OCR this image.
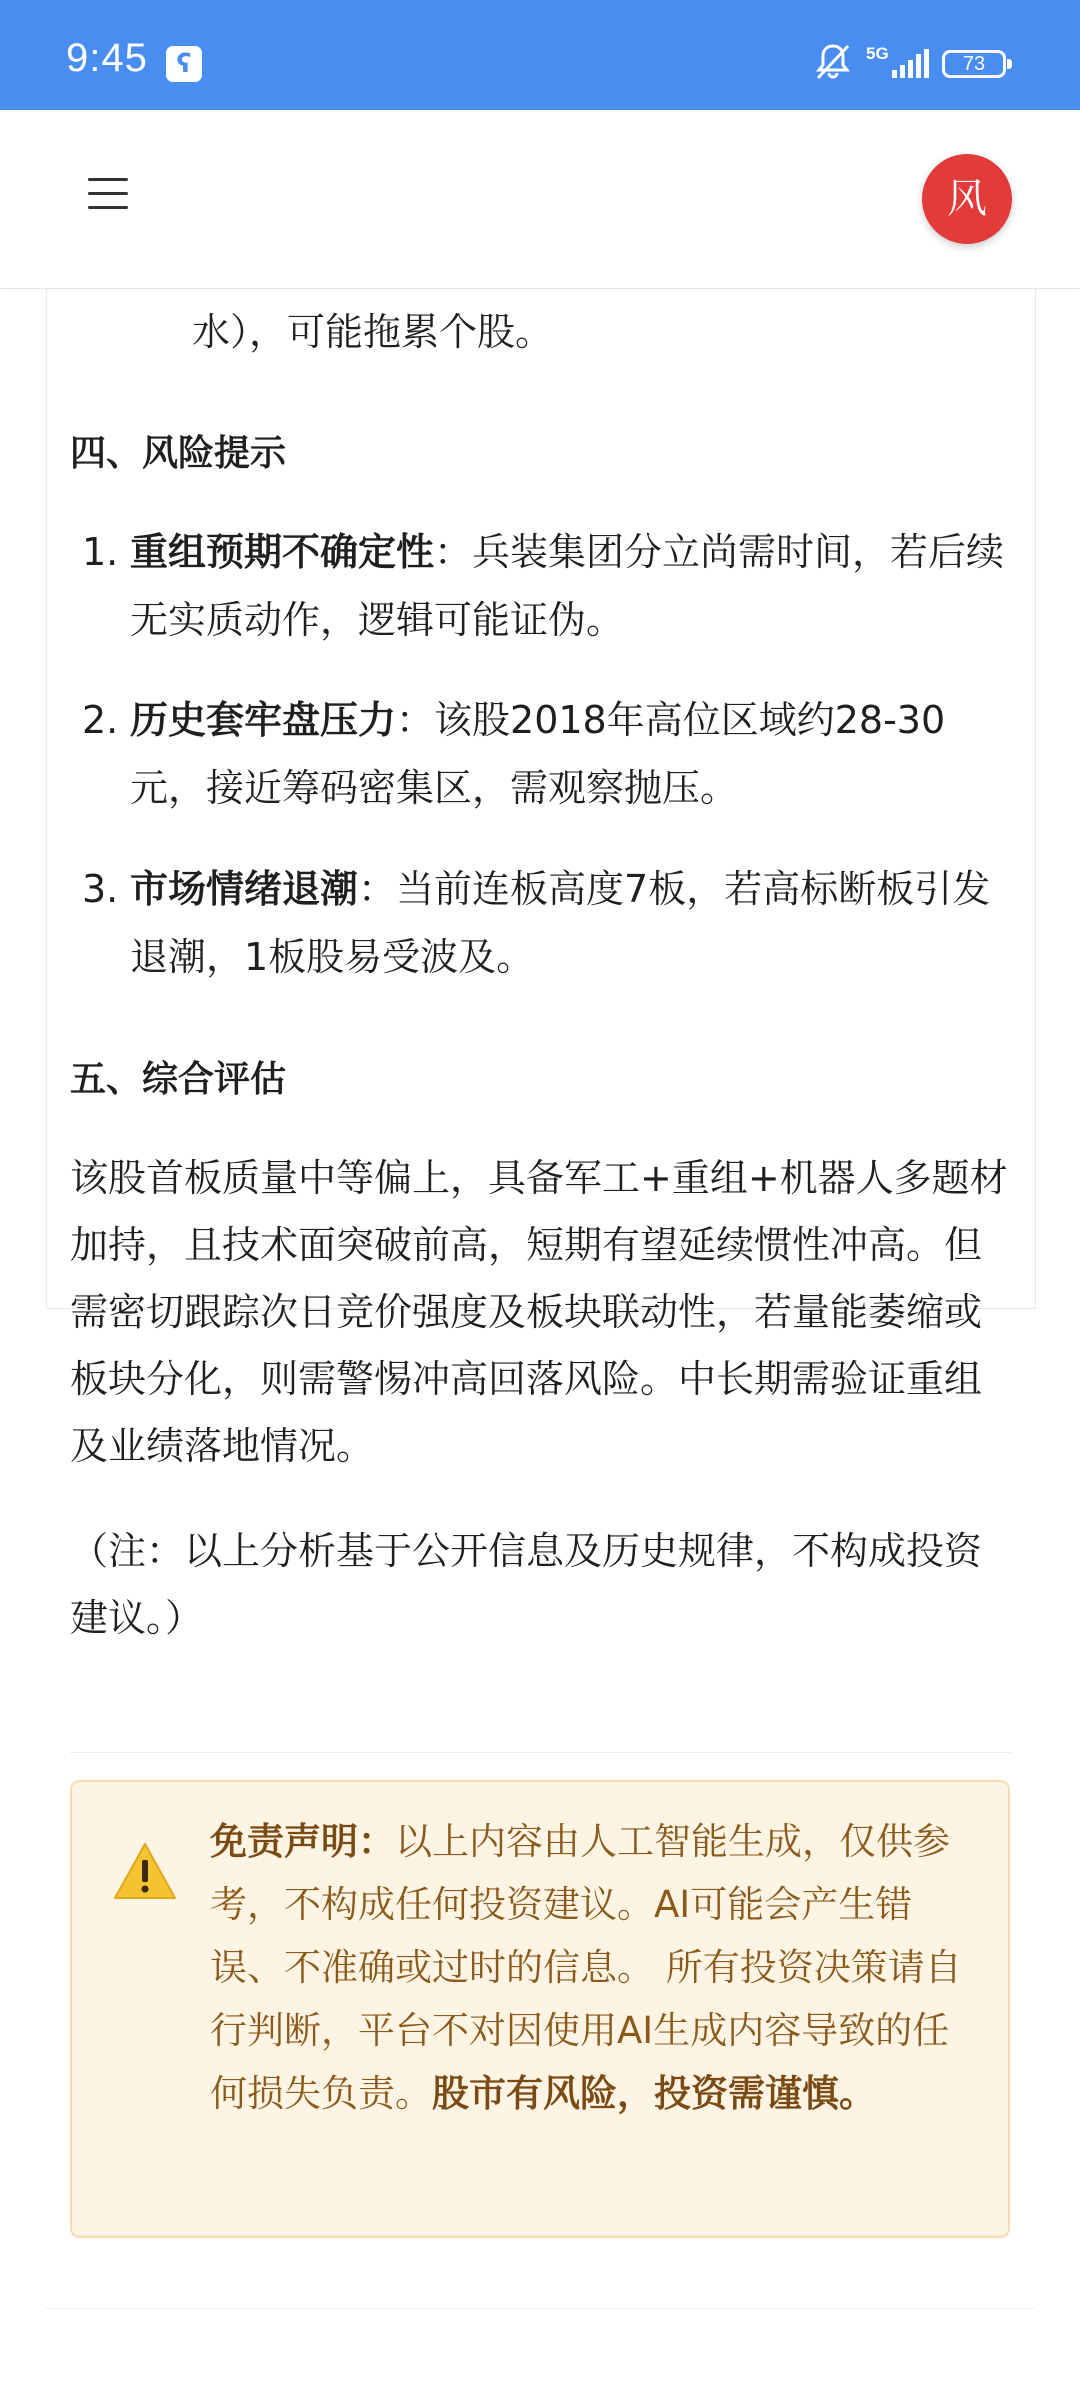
9:45	ʕ	5G	73
风
水），可能拖累个股。
四、风险提示
1. 重组预期不确定性：兵装集团分立尚需时间，若后续无实质动作，逻辑可能证伪。
2. 历史套牢盘压力：该股2018年高位区域约28-30元，接近筹码密集区，需观察抛压。
3. 市场情绪退潮：当前连板高度7板，若高标断板引发退潮，1板股易受波及。
五、综合评估
该股首板质量中等偏上，具备军工+重组+机器人多题材加持，且技术面突破前高，短期有望延续惯性冲高。但需密切跟踪次日竞价强度及板块联动性，若量能萎缩或板块分化，则需警惕冲高回落风险。中长期需验证重组及业绩落地情况。
（注：以上分析基于公开信息及历史规律，不构成投资建议。）
免责声明：以上内容由人工智能生成，仅供参考，不构成任何投资建议。AI可能会产生错误、不准确或过时的信息。 所有投资决策请自行判断，平台不对因使用AI生成内容导致的任何损失负责。股市有风险，投资需谨慎。
